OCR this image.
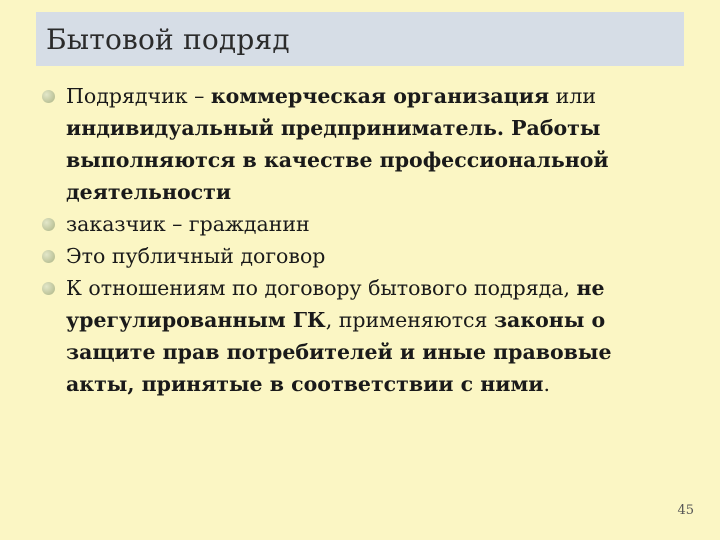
Бытовой подряд
Подрядчик – коммерческая организация или индивидуальный предприниматель. Работы выполняются в качестве профессиональной деятельности
заказчик – гражданин
Это публичный договор
К отношениям по договору бытового подряда, не урегулированным ГК, применяются законы о защите прав потребителей и иные правовые акты, принятые в соответствии с ними.
45
